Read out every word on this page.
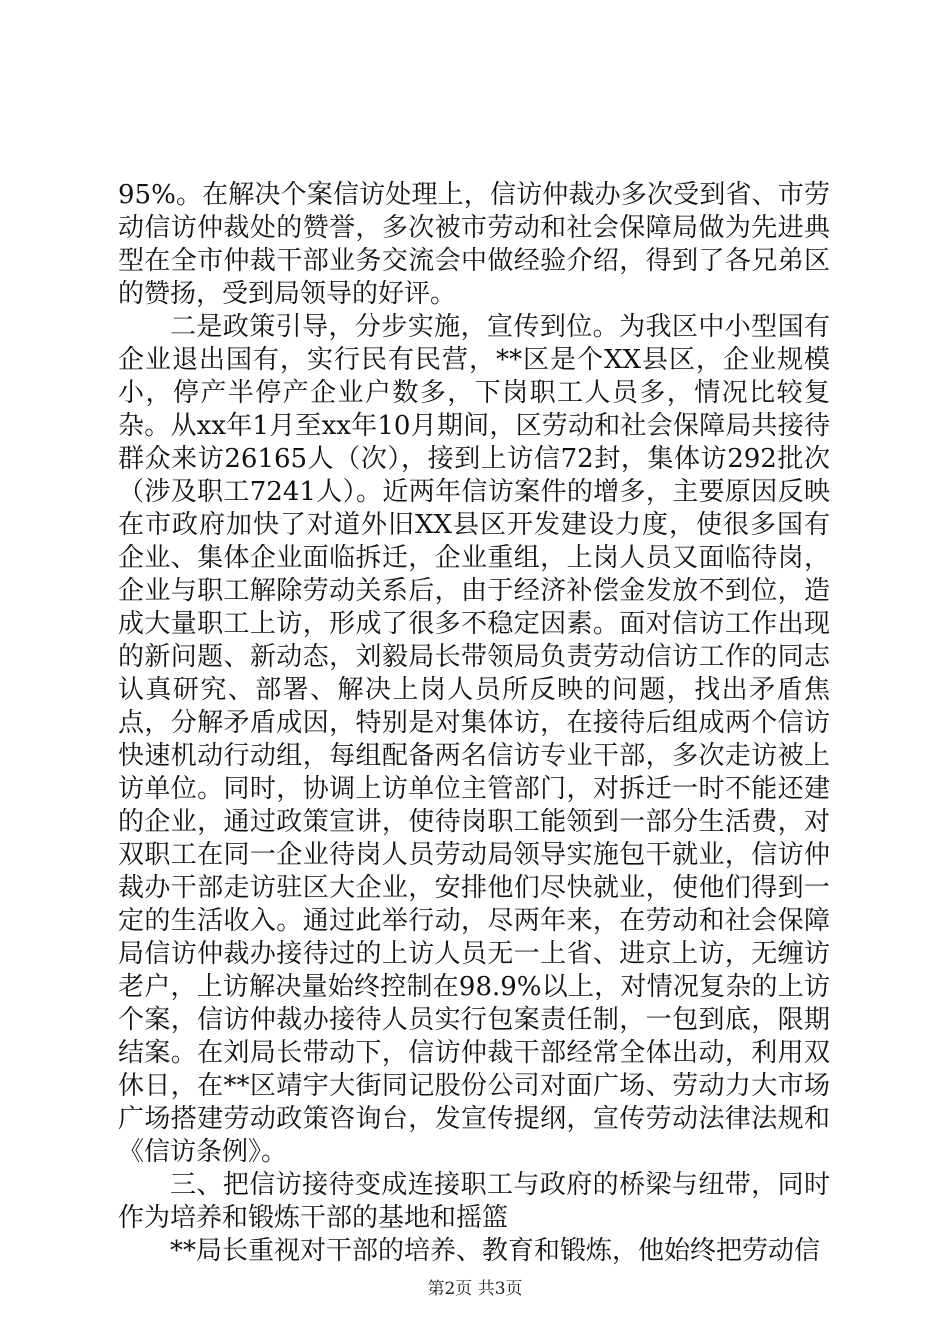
95%。在解决个案信访处理上，信访仲裁办多次受到省、市劳动信访仲裁处的赞誉，多次被市劳动和社会保障局做为先进典型在全市仲裁干部业务交流会中做经验介绍，得到了各兄弟区的赞扬，受到局领导的好评。

二是政策引导，分步实施，宣传到位。为我区中小型国有企业退出国有，实行民有民营，**区是个XX县区，企业规模小，停产半停产企业户数多，下岗职工人员多，情况比较复杂。从xx年1月至xx年10月期间，区劳动和社会保障局共接待群众来访26165人（次），接到上访信72封，集体访292批次（涉及职工7241人）。近两年信访案件的增多，主要原因反映在市政府加快了对道外旧XX县区开发建设力度，使很多国有企业、集体企业面临拆迁，企业重组，上岗人员又面临待岗，企业与职工解除劳动关系后，由于经济补偿金发放不到位，造成大量职工上访，形成了很多不稳定因素。面对信访工作出现的新问题、新动态，刘毅局长带领局负责劳动信访工作的同志认真研究、部署、解决上岗人员所反映的问题，找出矛盾焦点，分解矛盾成因，特别是对集体访，在接待后组成两个信访快速机动行动组，每组配备两名信访专业干部，多次走访被上访单位。同时，协调上访单位主管部门，对拆迁一时不能还建的企业，通过政策宣讲，使待岗职工能领到一部分生活费，对双职工在同一企业待岗人员劳动局领导实施包干就业，信访仲裁办干部走访驻区大企业，安排他们尽快就业，使他们得到一定的生活收入。通过此举行动，尽两年来，在劳动和社会保障局信访仲裁办接待过的上访人员无一上省、进京上访，无缠访老户，上访解决量始终控制在98.9%以上，对情况复杂的上访个案，信访仲裁办接待人员实行包案责任制，一包到底，限期结案。在刘局长带动下，信访仲裁干部经常全体出动，利用双休日，在**区靖宇大街同记股份公司对面广场、劳动力大市场广场搭建劳动政策咨询台，发宣传提纲，宣传劳动法律法规和《信访条例》。

三、把信访接待变成连接职工与政府的桥梁与纽带，同时作为培养和锻炼干部的基地和摇篮

**局长重视对干部的培养、教育和锻炼，他始终把劳动信

第2页 共3页
